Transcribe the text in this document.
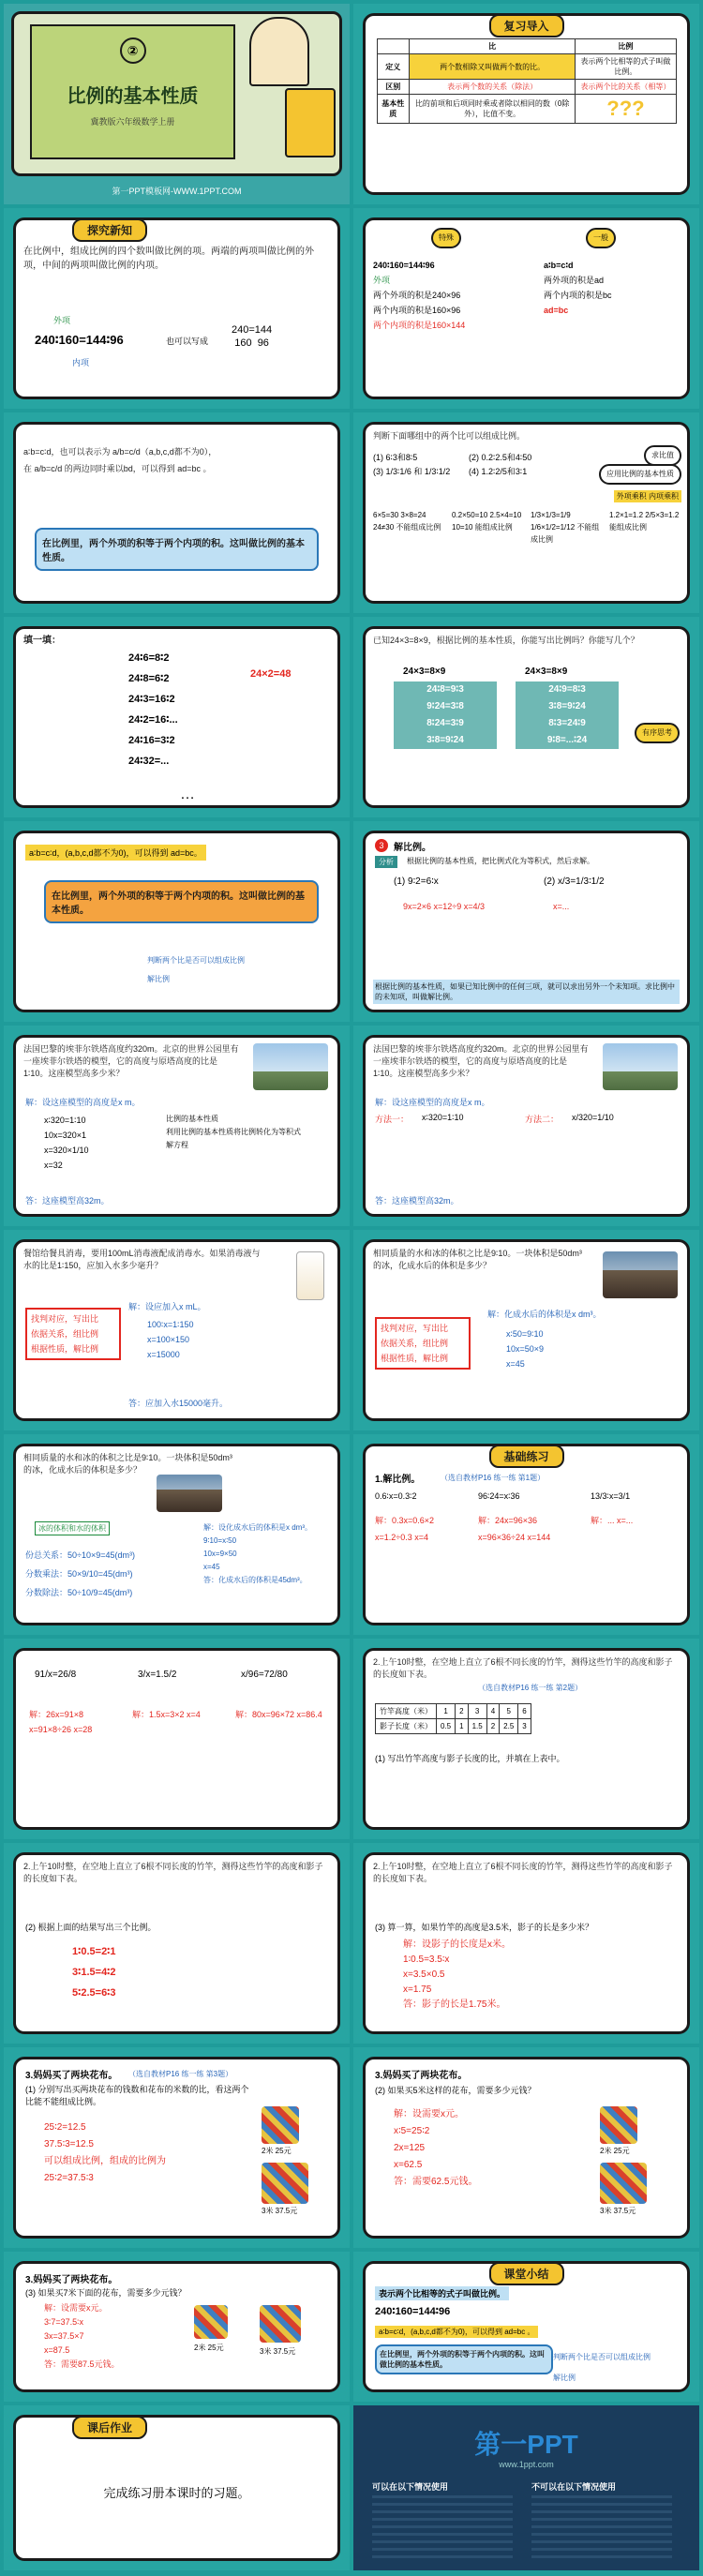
②
比例的基本性质
冀教版六年级数学上册
第一PPT模板网-WWW.1PPT.COM
复习导入
	比	比例
定义	两个数相除又叫做两个数的比。	表示两个比相等的式子叫做比例。
区别	表示两个数的关系（除法）	表示两个比的关系（相等）
基本性质	比的前项和后项同时乘或者除以相同的数（0除外），比值不变。	???
探究新知
在比例中，组成比例的四个数叫做比例的项。两端的两项叫做比例的外项，中间的两项叫做比例的内项。
外项
240∶160=144∶96
内项
也可以写成
240=144
160 96
特殊	一般
240∶160=144∶96
外项
两个外项的积是240×96
两个内项的积是160×96
两个内项的积是160×144
a∶b=c∶d
两外项的积是ad
两个内项的积是bc
ad=bc
a∶b=c∶d，也可以表示为 a/b=c/d（a,b,c,d都不为0），
在 a/b=c/d 的两边同时乘以bd，可以得到 ad=bc 。
在比例里，两个外项的积等于两个内项的积。这叫做比例的基本性质。
判断下面哪组中的两个比可以组成比例。
求比值
应用比例的基本性质
(1) 6∶3和8∶5
(3) 1/3∶1/6 和 1/3∶1/2
(2) 0.2∶2.5和4∶50
(4) 1.2∶2/5和3∶1
外项乘积 内项乘积
6×5=30 3×8=24 24≠30 不能组成比例
0.2×50=10 2.5×4=10 10=10 能组成比例
1/3×1/3=1/9 1/6×1/2=1/12 不能组成比例
1.2×1=1.2 2/5×3=1.2 能组成比例
填一填：
24∶6=8∶2
24∶8=6∶2
24∶3=16∶2
24∶2=16∶...
24∶16=3∶2
24∶32=...
24×2=48
…
已知24×3=8×9，根据比例的基本性质，你能写出比例吗？你能写几个？
24×3=8×9	24×3=8×9
24∶8=9∶3
9∶24=3∶8
8∶24=3∶9
3∶8=9∶24
24∶9=8∶3
3∶8=9∶24
8∶3=24∶9
9∶8=...∶24
有序思考
a∶b=c∶d，(a,b,c,d都不为0)，可以得到 ad=bc。
在比例里，两个外项的积等于两个内项的积。这叫做比例的基本性质。
判断两个比是否可以组成比例
解比例
3	解比例。
分析	根据比例的基本性质，把比例式化为等积式，然后求解。
(1) 9∶2=6∶x	(2) x/3=1/3∶1/2
9x=2×6 x=12÷9 x=4/3	x=...
根据比例的基本性质，如果已知比例中的任何三项，就可以求出另外一个未知项。求比例中的未知项，叫做解比例。
法国巴黎的埃菲尔铁塔高度约320m。北京的世界公园里有一座埃菲尔铁塔的模型，它的高度与原塔高度的比是1∶10。这座模型高多少米？
解：设这座模型的高度是x m。
x∶320=1∶10
10x=320×1
x=320×1/10
x=32
答：这座模型高32m。
比例的基本性质
利用比例的基本性质将比例转化为等积式
解方程
法国巴黎的埃菲尔铁塔高度约320m。北京的世界公园里有一座埃菲尔铁塔的模型，它的高度与原塔高度的比是1∶10。这座模型高多少米？
解：设这座模型的高度是x m。
方法一： x∶320=1∶10	方法二： x/320=1/10
答：这座模型高32m。
餐馆给餐具消毒，要用100mL消毒液配成消毒水。如果消毒液与水的比是1∶150，应加入水多少毫升？
找判对应，写出比
依据关系，组比例
根据性质，解比例
解：设应加入x mL。
100∶x=1∶150
x=100×150
x=15000
答：应加入水15000毫升。
相同质量的水和冰的体积之比是9∶10。一块体积是50dm³的冰，化成水后的体积是多少？
找判对应，写出比
依据关系，组比例
根据性质，解比例
解：化成水后的体积是x dm³。
x∶50=9∶10
10x=50×9
x=45
相同质量的水和冰的体积之比是9∶10。一块体积是50dm³的冰，化成水后的体积是多少？
冰的体积和水的体积
份总关系：50÷10×9=45(dm³)
分数乘法：50×9/10=45(dm³)
分数除法：50÷10/9=45(dm³)
解：设化成水后的体积是x dm³。
9∶10=x∶50
10x=9×50
x=45
答：化成水后的体积是45dm³。
基础练习
1.解比例。	（选自教材P16 练一练 第1题）
0.6∶x=0.3∶2	96∶24=x∶36	13/3∶x=3/1
解：0.3x=0.6×2 x=1.2÷0.3 x=4
解：24x=96×36 x=96×36÷24 x=144
解：... x=...
91/x=26/8	3/x=1.5/2	x/96=72/80
解：26x=91×8 x=91×8÷26 x=28
解：1.5x=3×2 x=4	解：80x=96×72 x=86.4
2.上午10时整，在空地上直立了6根不同长度的竹竿，测得这些竹竿的高度和影子的长度如下表。
（选自教材P16 练一练 第2题）
竹竿高度（米）	1	2	3	4	5	6
影子长度（米）	0.5	1	1.5	2	2.5	3
(1) 写出竹竿高度与影子长度的比，并填在上表中。
2.上午10时整，在空地上直立了6根不同长度的竹竿，测得这些竹竿的高度和影子的长度如下表。
(2) 根据上面的结果写出三个比例。
1∶0.5=2∶1
3∶1.5=4∶2
5∶2.5=6∶3
2.上午10时整，在空地上直立了6根不同长度的竹竿，测得这些竹竿的高度和影子的长度如下表。
(3) 算一算，如果竹竿的高度是3.5米，影子的长是多少米？
解：设影子的长度是x米。
1∶0.5=3.5∶x
x=3.5×0.5
x=1.75
答：影子的长是1.75米。
3.妈妈买了两块花布。 （选自教材P16 练一练 第3题）
(1) 分别写出买两块花布的钱数和花布的米数的比，看这两个比能不能组成比例。
25∶2=12.5
37.5∶3=12.5
可以组成比例，组成的比例为
25∶2=37.5∶3
2米 25元
3米 37.5元
3.妈妈买了两块花布。
(2) 如果买5米这样的花布，需要多少元钱？
解：设需要x元。
x∶5=25∶2
2x=125
x=62.5
答：需要62.5元钱。
2米 25元
3米 37.5元
3.妈妈买了两块花布。
(3) 如果买7米下面的花布，需要多少元钱？
解：设需要x元。
3∶7=37.5∶x
3x=37.5×7
x=87.5
答：需要87.5元钱。
2米 25元	3米 37.5元
课堂小结
表示两个比相等的式子叫做比例。
240∶160=144∶96
a∶b=c∶d，(a,b,c,d都不为0)，可以得到 ad=bc 。
在比例里，两个外项的积等于两个内项的积。这叫做比例的基本性质。
判断两个比是否可以组成比例
解比例
课后作业
完成练习册本课时的习题。
第一PPT
www.1ppt.com
可以在以下情况使用	不可以在以下情况使用
